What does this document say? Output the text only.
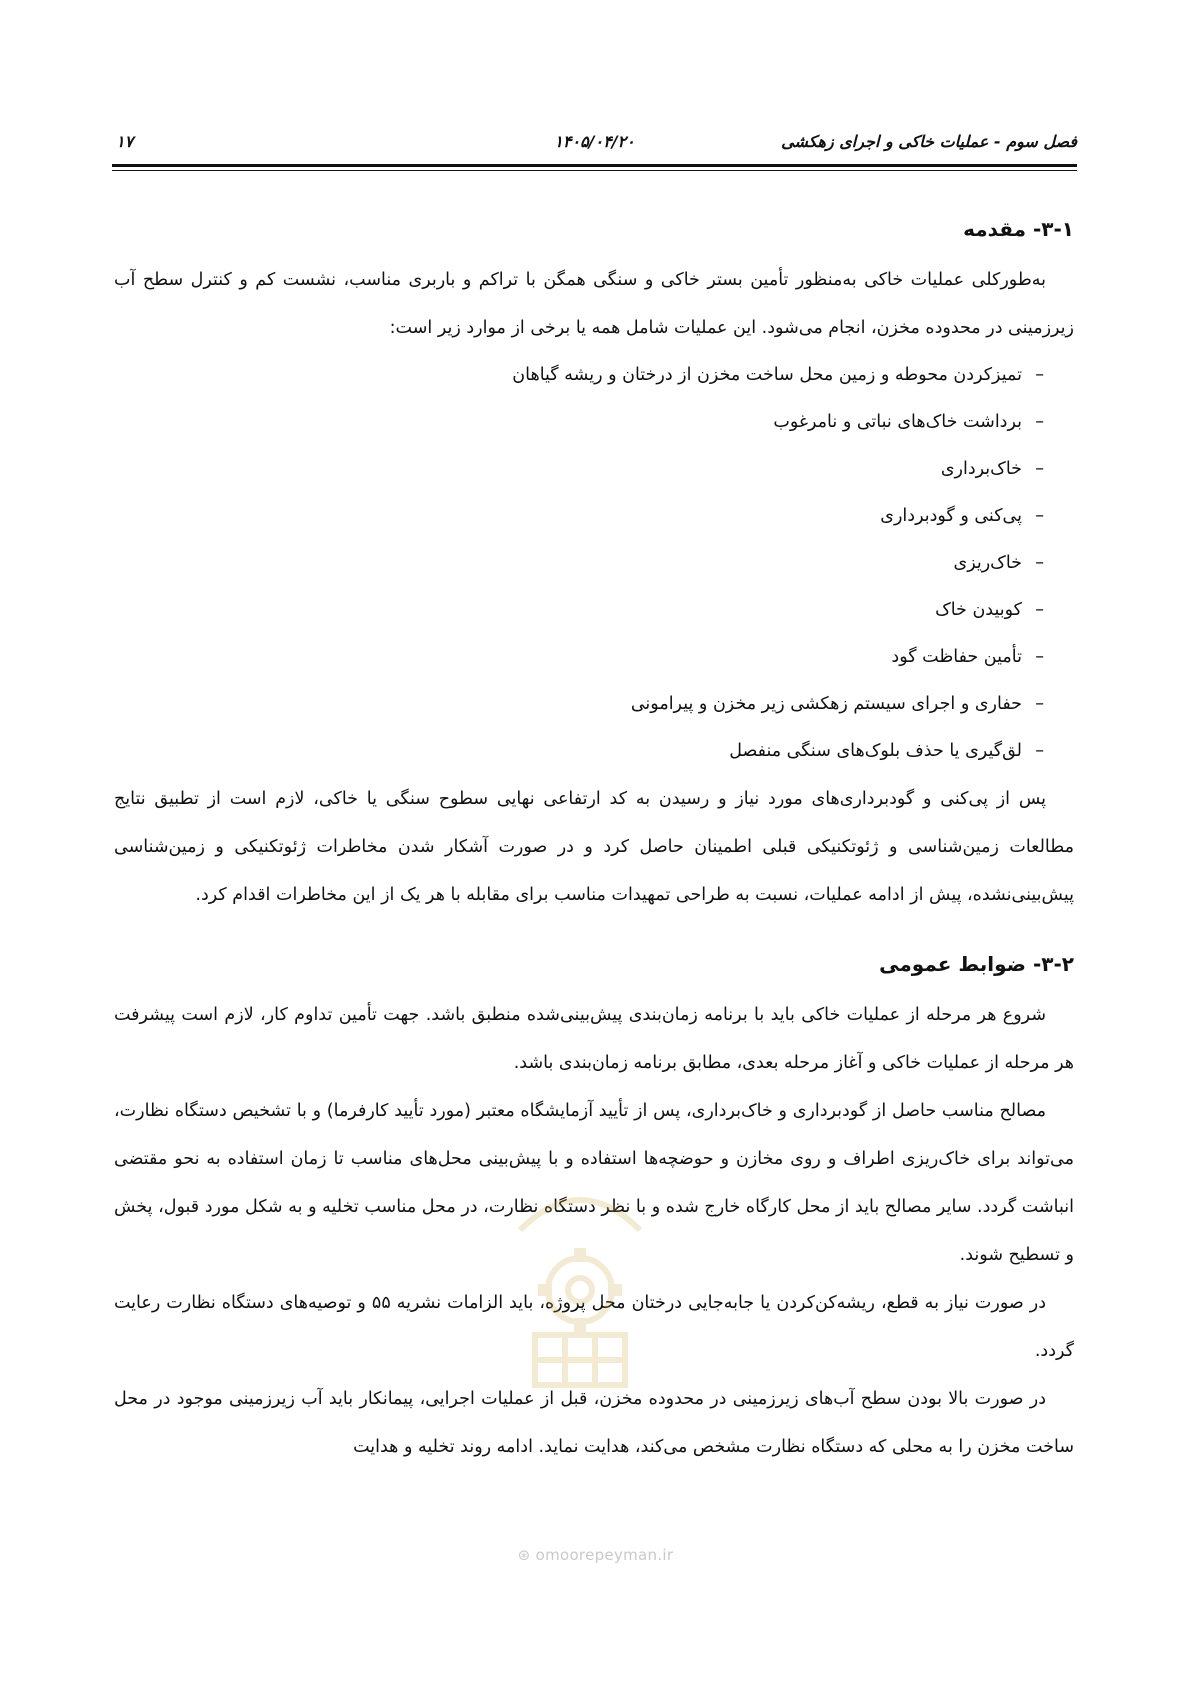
فصل سوم - عملیات خاکی و اجرای زهکشی
۱۴۰۵/۰۴/۲۰
۱۷
۳-۱- مقدمه

به‌طورکلی عملیات خاکی به‌منظور تأمین بستر خاکی و سنگی همگن با تراکم و باربری مناسب، نشست کم و کنترل سطح آب زیرزمینی در محدوده مخزن، انجام می‌شود. این عملیات شامل همه یا برخی از موارد زیر است:

– تمیزکردن محوطه و زمین محل ساخت مخزن از درختان و ریشه گیاهان
– برداشت خاک‌های نباتی و نامرغوب
– خاک‌برداری
– پی‌کنی و گودبرداری
– خاک‌ریزی
– کوبیدن خاک
– تأمین حفاظت گود
– حفاری و اجرای سیستم زهکشی زیر مخزن و پیرامونی
– لق‌گیری یا حذف بلوک‌های سنگی منفصل

پس از پی‌کنی و گودبرداری‌های مورد نیاز و رسیدن به کد ارتفاعی نهایی سطوح سنگی یا خاکی، لازم است از تطبیق نتایج مطالعات زمین‌شناسی و ژئوتکنیکی قبلی اطمینان حاصل کرد و در صورت آشکار شدن مخاطرات ژئوتکنیکی و زمین‌شناسی پیش‌بینی‌نشده، پیش از ادامه عملیات، نسبت به طراحی تمهیدات مناسب برای مقابله با هر یک از این مخاطرات اقدام کرد.

۳-۲- ضوابط عمومی

شروع هر مرحله از عملیات خاکی باید با برنامه زمان‌بندی پیش‌بینی‌شده منطبق باشد. جهت تأمین تداوم کار، لازم است پیشرفت هر مرحله از عملیات خاکی و آغاز مرحله بعدی، مطابق برنامه زمان‌بندی باشد.

مصالح مناسب حاصل از گودبرداری و خاک‌برداری، پس از تأیید آزمایشگاه معتبر (مورد تأیید کارفرما) و با تشخیص دستگاه نظارت، می‌تواند برای خاک‌ریزی اطراف و روی مخازن و حوضچه‌ها استفاده و با پیش‌بینی محل‌های مناسب تا زمان استفاده به نحو مقتضی انباشت گردد. سایر مصالح باید از محل کارگاه خارج شده و با نظر دستگاه نظارت، در محل مناسب تخلیه و به شکل مورد قبول، پخش و تسطیح شوند.

در صورت نیاز به قطع، ریشه‌کن‌کردن یا جابه‌جایی درختان محل پروژه، باید الزامات نشریه ۵۵ و توصیه‌های دستگاه نظارت رعایت گردد.

در صورت بالا بودن سطح آب‌های زیرزمینی در محدوده مخزن، قبل از عملیات اجرایی، پیمانکار باید آب زیرزمینی موجود در محل ساخت مخزن را به محلی که دستگاه نظارت مشخص می‌کند، هدایت نماید. ادامه روند تخلیه و هدایت

⊛ omoorepeyman.ir
